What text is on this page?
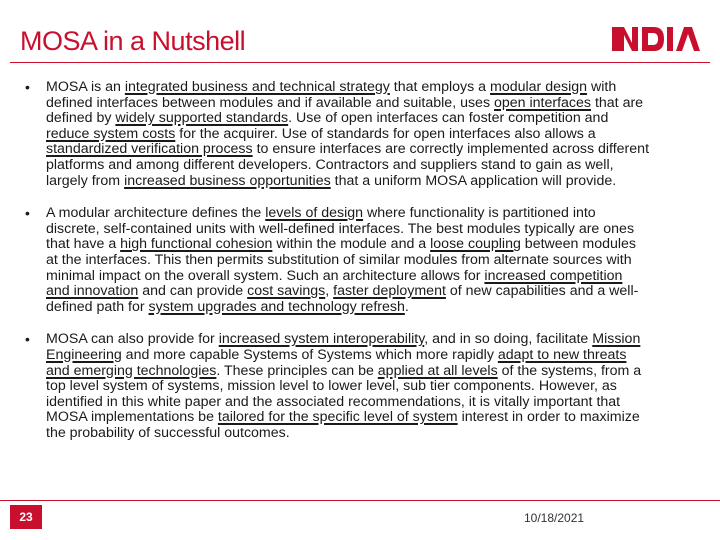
MOSA in a Nutshell
• MOSA is an integrated business and technical strategy that employs a modular design with defined interfaces between modules and if available and suitable, uses open interfaces that are defined by widely supported standards. Use of open interfaces can foster competition and reduce system costs for the acquirer. Use of standards for open interfaces also allows a standardized verification process to ensure interfaces are correctly implemented across different platforms and among different developers. Contractors and suppliers stand to gain as well, largely from increased business opportunities that a uniform MOSA application will provide.

• A modular architecture defines the levels of design where functionality is partitioned into discrete, self-contained units with well-defined interfaces. The best modules typically are ones that have a high functional cohesion within the module and a loose coupling between modules at the interfaces. This then permits substitution of similar modules from alternate sources with minimal impact on the overall system. Such an architecture allows for increased competition and innovation and can provide cost savings, faster deployment of new capabilities and a well-defined path for system upgrades and technology refresh.

• MOSA can also provide for increased system interoperability, and in so doing, facilitate Mission Engineering and more capable Systems of Systems which more rapidly adapt to new threats and emerging technologies. These principles can be applied at all levels of the systems, from a top level system of systems, mission level to lower level, sub tier components. However, as identified in this white paper and the associated recommendations, it is vitally important that MOSA implementations be tailored for the specific level of system interest in order to maximize the probability of successful outcomes.

23	10/18/2021
